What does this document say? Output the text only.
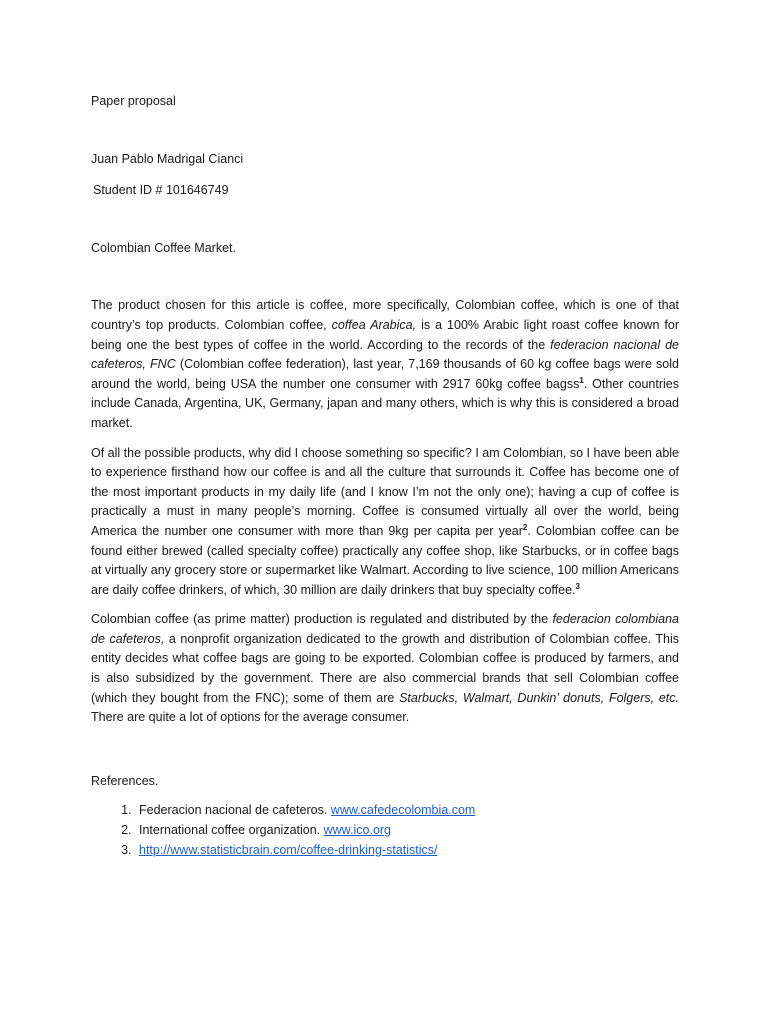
Paper proposal
Juan Pablo Madrigal Cianci
Student ID # 101646749
Colombian Coffee Market.

The product chosen for this article is coffee, more specifically, Colombian coffee, which is one of that country’s top products. Colombian coffee, coffea Arabica, is a 100% Arabic light roast coffee known for being one the best types of coffee in the world. According to the records of the federacion nacional de cafeteros, FNC (Colombian coffee federation), last year, 7,169 thousands of 60 kg coffee bags were sold around the world, being USA the number one consumer with 2917 60kg coffee bagss$^1$. Other countries include Canada, Argentina, UK, Germany, japan and many others, which is why this is considered a broad market.

Of all the possible products, why did I choose something so specific? I am Colombian, so I have been able to experience firsthand how our coffee is and all the culture that surrounds it. Coffee has become one of the most important products in my daily life (and I know I’m not the only one); having a cup of coffee is practically a must in many people’s morning. Coffee is consumed virtually all over the world, being America the number one consumer with more than 9kg per capita per year$^2$. Colombian coffee can be found either brewed (called specialty coffee) practically any coffee shop, like Starbucks, or in coffee bags at virtually any grocery store or supermarket like Walmart. According to live science, 100 million Americans are daily coffee drinkers, of which, 30 million are daily drinkers that buy specialty coffee.$^3$

Colombian coffee (as prime matter) production is regulated and distributed by the federacion colombiana de cafeteros, a nonprofit organization dedicated to the growth and distribution of Colombian coffee. This entity decides what coffee bags are going to be exported. Colombian coffee is produced by farmers, and is also subsidized by the government. There are also commercial brands that sell Colombian coffee (which they bought from the FNC); some of them are Starbucks, Walmart, Dunkin’ donuts, Folgers, etc. There are quite a lot of options for the average consumer.

References.
1. Federacion nacional de cafeteros. www.cafedecolombia.com
2. International coffee organization. www.ico.org
3. http://www.statisticbrain.com/coffee-drinking-statistics/
